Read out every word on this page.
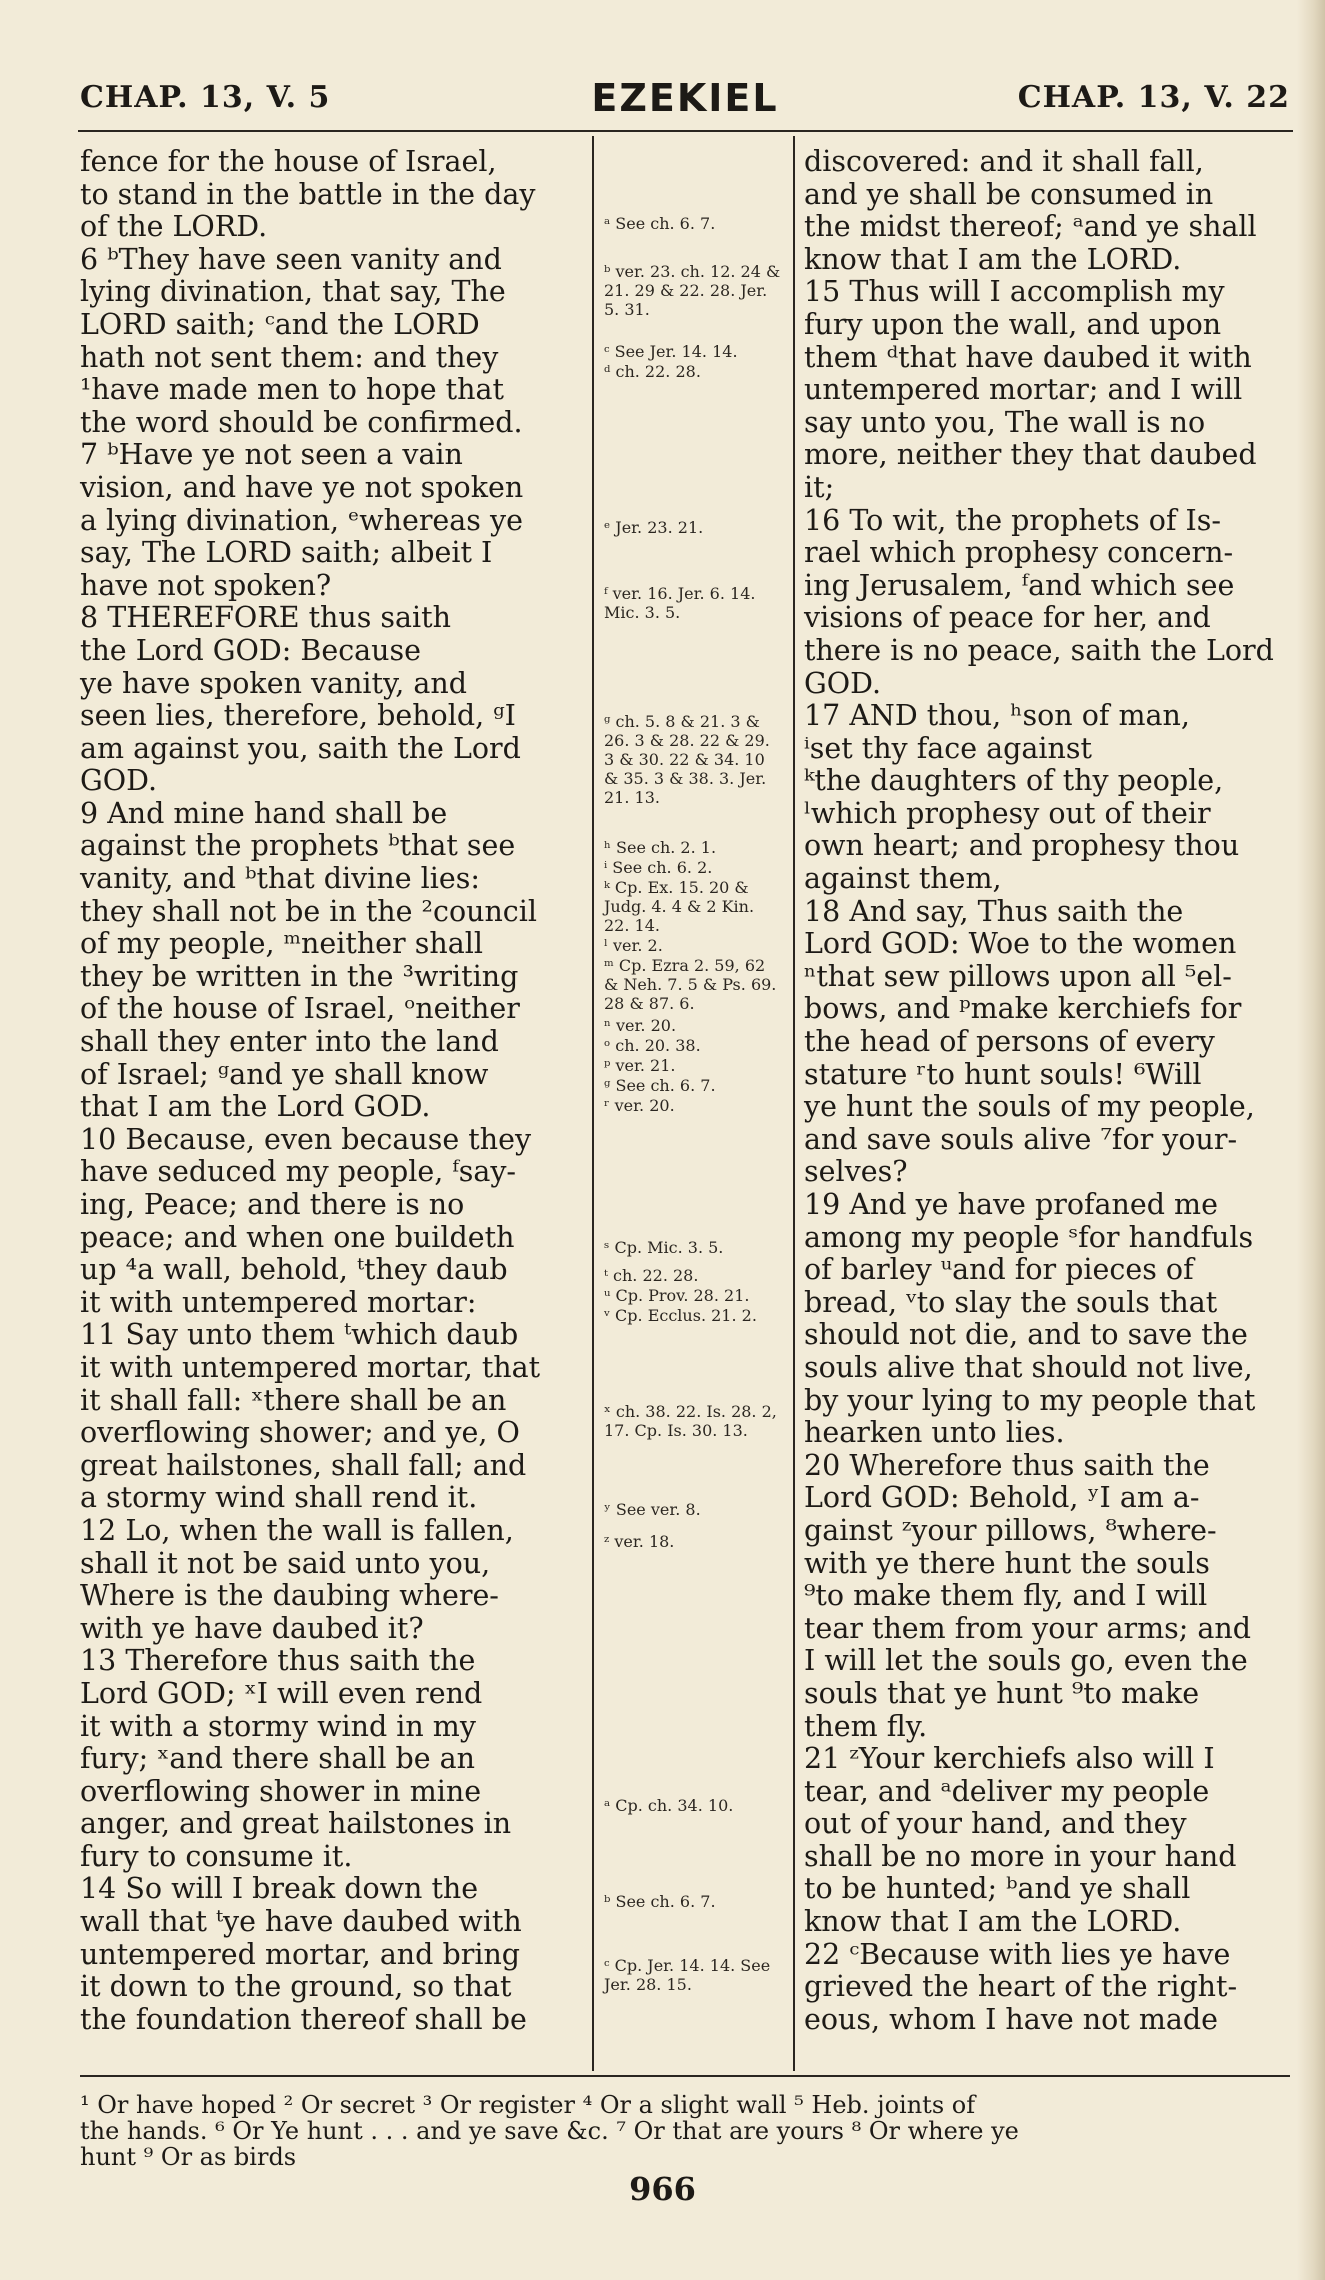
CHAP. 13, V. 5	EZEKIEL	CHAP. 13, V. 22

fence for the house of Israel,

to stand in the battle in the day

of the LORD.

6 ᵇThey have seen vanity and

lying divination, that say, The

LORD saith; ᶜand the LORD

hath not sent them: and they

¹have made men to hope that

the word should be confirmed.

7 ᵇHave ye not seen a vain

vision, and have ye not spoken

a lying divination, ᵉwhereas ye

say, The LORD saith; albeit I

have not spoken?

8 THEREFORE thus saith

the Lord GOD: Because

ye have spoken vanity, and

seen lies, therefore, behold, ᵍI

am against you, saith the Lord

GOD.

9 And mine hand shall be

against the prophets ᵇthat see

vanity, and ᵇthat divine lies:

they shall not be in the ²council

of my people, ᵐneither shall

they be written in the ³writing

of the house of Israel, ᵒneither

shall they enter into the land

of Israel; ᵍand ye shall know

that I am the Lord GOD.

10 Because, even because they

have seduced my people, ᶠsay-

ing, Peace; and there is no

peace; and when one buildeth

up ⁴a wall, behold, ᵗthey daub

it with untempered mortar:

11 Say unto them ᵗwhich daub

it with untempered mortar, that

it shall fall: ˣthere shall be an

overflowing shower; and ye, O

great hailstones, shall fall; and

a stormy wind shall rend it.

12 Lo, when the wall is fallen,

shall it not be said unto you,

Where is the daubing where-

with ye have daubed it?

13 Therefore thus saith the

Lord GOD; ˣI will even rend

it with a stormy wind in my

fury; ˣand there shall be an

overflowing shower in mine

anger, and great hailstones in

fury to consume it.

14 So will I break down the

wall that ᵗye have daubed with

untempered mortar, and bring

it down to the ground, so that

the foundation thereof shall be

ᵃ See ch. 6. 7.
ᵇ ver. 23. ch. 12. 24 & 21. 29 & 22. 28. Jer. 5. 31.
ᶜ See Jer. 14. 14.
ᵈ ch. 22. 28.
ᵉ Jer. 23. 21.
ᶠ ver. 16. Jer. 6. 14. Mic. 3. 5.
ᵍ ch. 5. 8 & 21. 3 & 26. 3 & 28. 22 & 29. 3 & 30. 22 & 34. 10 & 35. 3 & 38. 3. Jer. 21. 13.
ʰ See ch. 2. 1.
ⁱ See ch. 6. 2.
ᵏ Cp. Ex. 15. 20 & Judg. 4. 4 & 2 Kin. 22. 14.
ˡ ver. 2.
ᵐ Cp. Ezra 2. 59, 62 & Neh. 7. 5 & Ps. 69. 28 & 87. 6.
ⁿ ver. 20.
ᵒ ch. 20. 38.
ᵖ ver. 21.
ᵍ See ch. 6. 7.
ʳ ver. 20.
ˢ Cp. Mic. 3. 5.
ᵗ ch. 22. 28.
ᵘ Cp. Prov. 28. 21.
ᵛ Cp. Ecclus. 21. 2.
ˣ ch. 38. 22. Is. 28. 2, 17. Cp. Is. 30. 13.
ʸ See ver. 8.
ᶻ ver. 18.
ᵃ Cp. ch. 34. 10.
ᵇ See ch. 6. 7.
ᶜ Cp. Jer. 14. 14. See Jer. 28. 15.

discovered: and it shall fall,

and ye shall be consumed in

the midst thereof; ᵃand ye shall

know that I am the LORD.

15 Thus will I accomplish my

fury upon the wall, and upon

them ᵈthat have daubed it with

untempered mortar; and I will

say unto you, The wall is no

more, neither they that daubed

it;

16 To wit, the prophets of Is-

rael which prophesy concern-

ing Jerusalem, ᶠand which see

visions of peace for her, and

there is no peace, saith the Lord

GOD.

17 AND thou, ʰson of man,

ⁱset thy face against

ᵏthe daughters of thy people,

ˡwhich prophesy out of their

own heart; and prophesy thou

against them,

18 And say, Thus saith the

Lord GOD: Woe to the women

ⁿthat sew pillows upon all ⁵el-

bows, and ᵖmake kerchiefs for

the head of persons of every

stature ʳto hunt souls! ⁶Will

ye hunt the souls of my people,

and save souls alive ⁷for your-

selves?

19 And ye have profaned me

among my people ˢfor handfuls

of barley ᵘand for pieces of

bread, ᵛto slay the souls that

should not die, and to save the

souls alive that should not live,

by your lying to my people that

hearken unto lies.

20 Wherefore thus saith the

Lord GOD: Behold, ʸI am a-

gainst ᶻyour pillows, ⁸where-

with ye there hunt the souls

⁹to make them fly, and I will

tear them from your arms; and

I will let the souls go, even the

souls that ye hunt ⁹to make

them fly.

21 ᶻYour kerchiefs also will I

tear, and ᵃdeliver my people

out of your hand, and they

shall be no more in your hand

to be hunted; ᵇand ye shall

know that I am the LORD.

22 ᶜBecause with lies ye have

grieved the heart of the right-

eous, whom I have not made

¹ Or have hoped ² Or secret ³ Or register ⁴ Or a slight wall ⁵ Heb. joints of

the hands. ⁶ Or Ye hunt . . . and ye save &c. ⁷ Or that are yours ⁸ Or where ye

hunt ⁹ Or as birds

966
